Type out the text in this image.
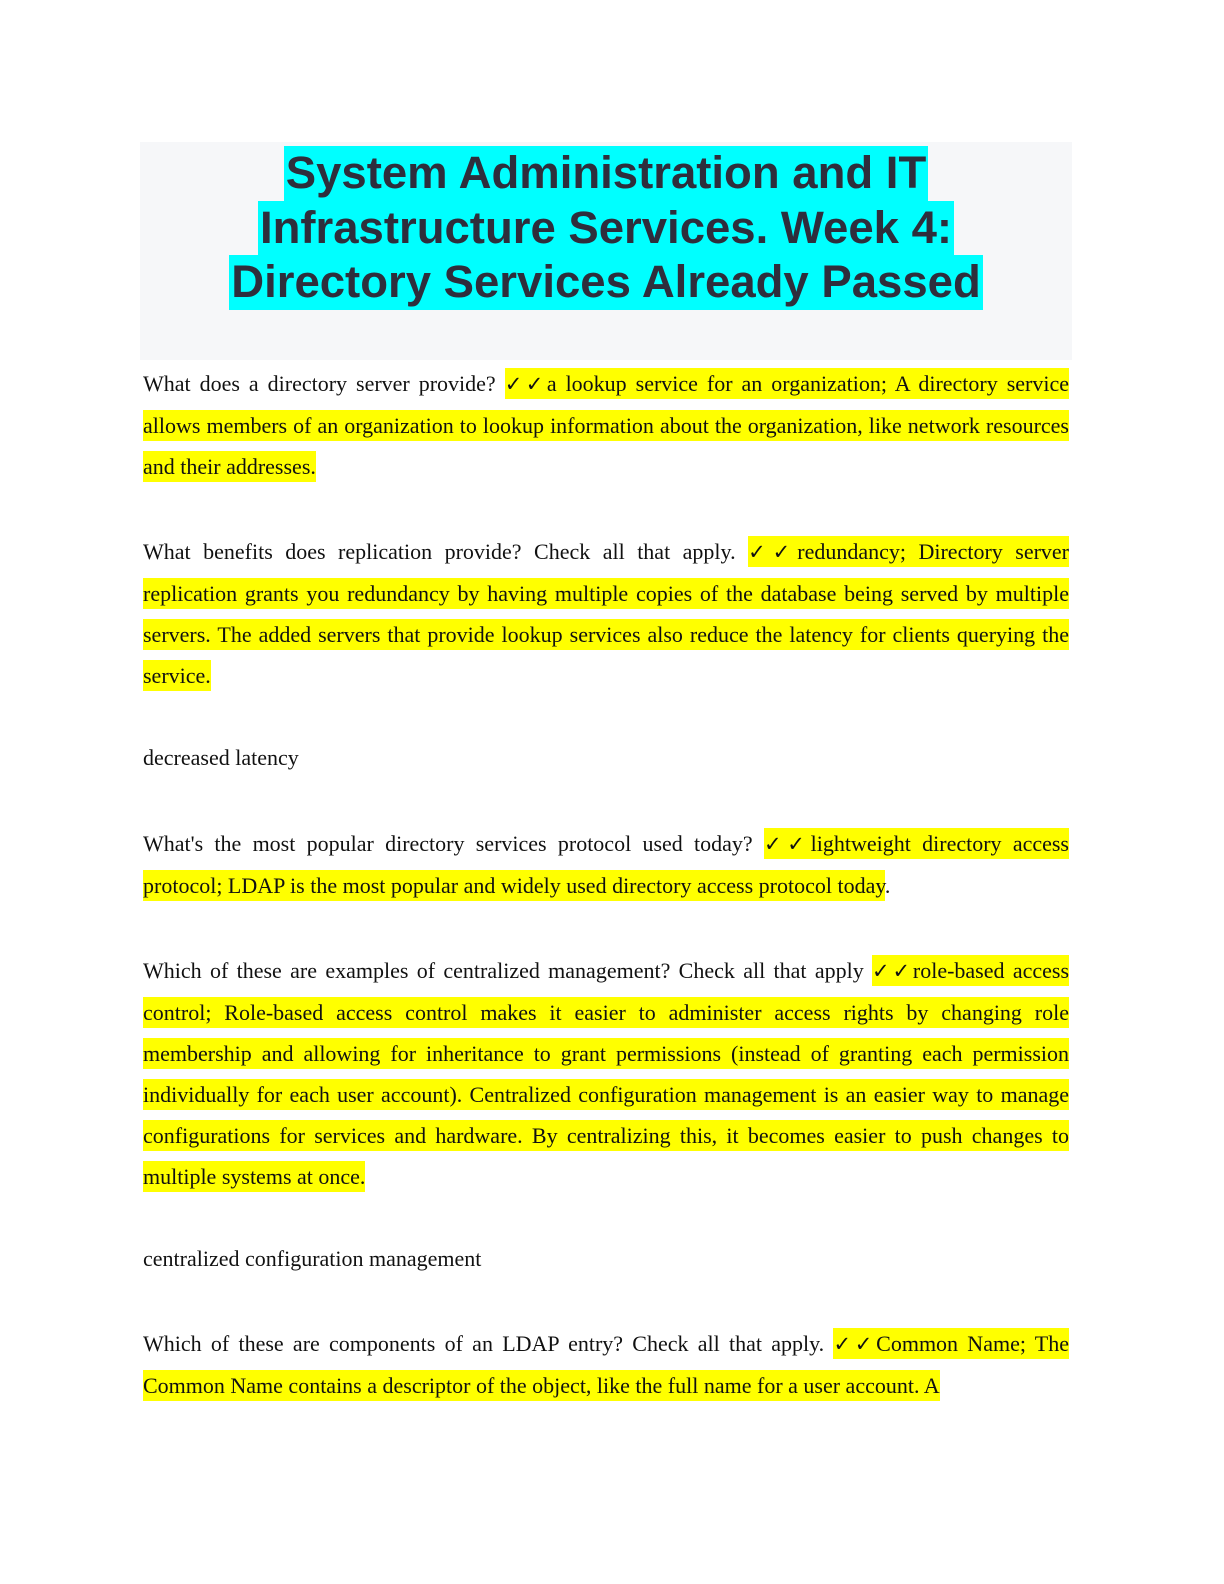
System Administration and IT
Infrastructure Services. Week 4:
Directory Services Already Passed

What does a directory server provide? ✓✓a lookup service for an organization; A directory service allows members of an organization to lookup information about the organization, like network resources and their addresses.

What benefits does replication provide? Check all that apply. ✓✓redundancy; Directory server replication grants you redundancy by having multiple copies of the database being served by multiple servers. The added servers that provide lookup services also reduce the latency for clients querying the service.

decreased latency

What's the most popular directory services protocol used today? ✓✓lightweight directory access protocol; LDAP is the most popular and widely used directory access protocol today.

Which of these are examples of centralized management? Check all that apply ✓✓role-based access control; Role-based access control makes it easier to administer access rights by changing role membership and allowing for inheritance to grant permissions (instead of granting each permission individually for each user account). Centralized configuration management is an easier way to manage configurations for services and hardware. By centralizing this, it becomes easier to push changes to multiple systems at once.

centralized configuration management

Which of these are components of an LDAP entry? Check all that apply. ✓✓Common Name; The Common Name contains a descriptor of the object, like the full name for a user account. A
